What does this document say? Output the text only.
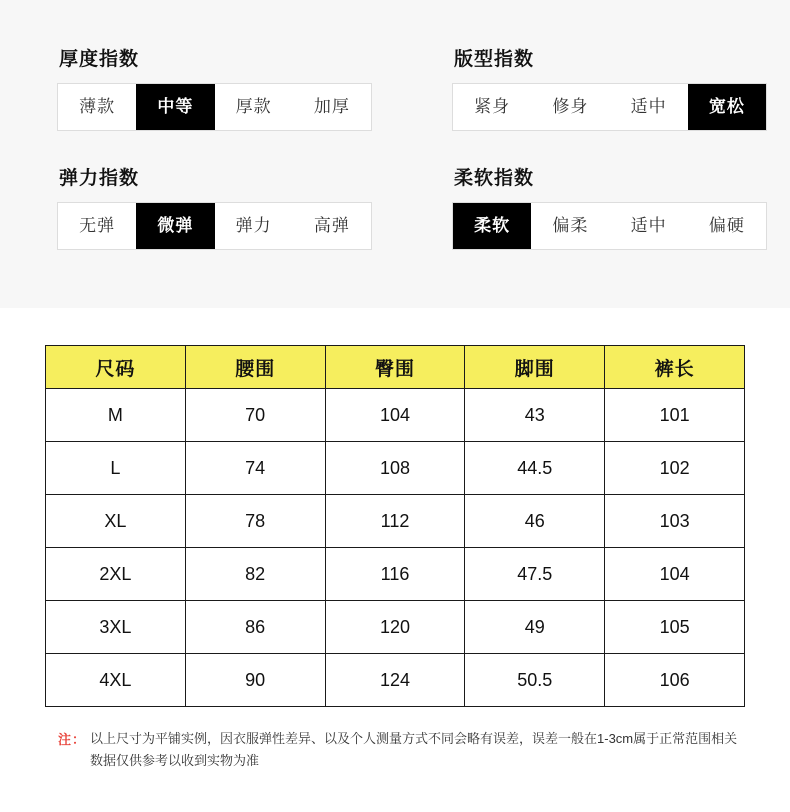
厚度指数
薄款	中等	厚款	加厚
版型指数
紧身	修身	适中	宽松
弹力指数
无弹	微弹	弹力	高弹
柔软指数
柔软	偏柔	适中	偏硬
尺码	腰围	臀围	脚围	裤长
M	70	104	43	101
L	74	108	44.5	102
XL	78	112	46	103
2XL	82	116	47.5	104
3XL	86	120	49	105
4XL	90	124	50.5	106
注： 以上尺寸为平铺实例，因衣服弹性差异、以及个人测量方式不同会略有误差，误差一般在1-3cm属于正常范围相关数据仅供参考以收到实物为准
